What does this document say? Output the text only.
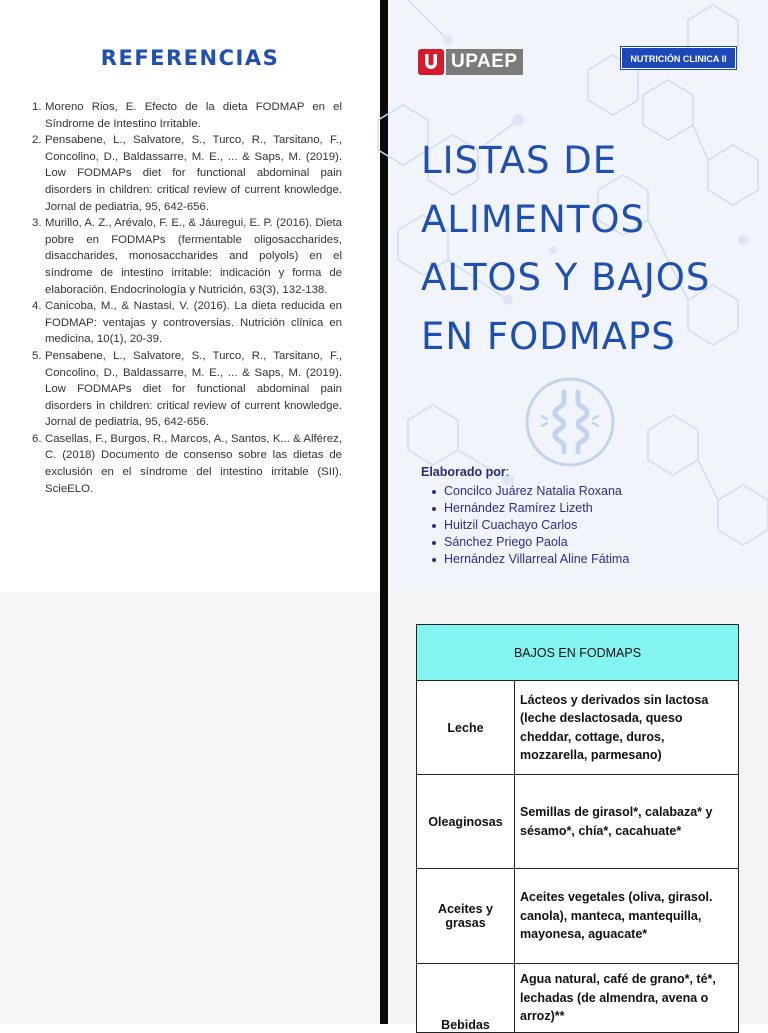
REFERENCIAS
1. Moreno Rios, E. Efecto de la dieta FODMAP en el Síndrome de Intestino Irritable.
2. Pensabene, L., Salvatore, S., Turco, R., Tarsitano, F., Concolino, D., Baldassarre, M. E., ... & Saps, M. (2019). Low FODMAPs diet for functional abdominal pain disorders in children: critical review of current knowledge. Jornal de pediatria, 95, 642-656.
3. Murillo, A. Z., Arévalo, F. E., & Jáuregui, E. P. (2016). Dieta pobre en FODMAPs (fermentable oligosaccharides, disaccharides, monosaccharides and polyols) en el síndrome de intestino irritable: indicación y forma de elaboración. Endocrinología y Nutrición, 63(3), 132-138.
4. Canicoba, M., & Nastasi, V. (2016). La dieta reducida en FODMAP: ventajas y controversias. Nutrición clínica en medicina, 10(1), 20-39.
5. Pensabene, L., Salvatore, S., Turco, R., Tarsitano, F., Concolino, D., Baldassarre, M. E., ... & Saps, M. (2019). Low FODMAPs diet for functional abdominal pain disorders in children: critical review of current knowledge. Jornal de pediatria, 95, 642-656.
6. Casellas, F., Burgos, R., Marcos, A., Santos, K... & Alférez, C. (2018) Documento de consenso sobre las dietas de exclusión en el síndrome del intestino irritable (SII). ScieELO.
UPAEP	NUTRICIÓN CLINICA II
LISTAS DE
ALIMENTOS
ALTOS Y BAJOS
EN FODMAPS
Elaborado por:
Concilco Juárez Natalia Roxana
Hernández Ramírez Lizeth
Huitzil Cuachayo Carlos
Sánchez Priego Paola
Hernández Villarreal Aline Fátima
BAJOS EN FODMAPS	
Leche	Lácteos y derivados sin lactosa (leche deslactosada, queso cheddar, cottage, duros, mozzarella, parmesano)
Oleaginosas	Semillas de girasol*, calabaza* y sésamo*, chía*, cacahuate*
Aceites y grasas	Aceites vegetales (oliva, girasol. canola), manteca, mantequilla, mayonesa, aguacate*
Bebidas	Agua natural, café de grano*, té*, lechadas (de almendra, avena o arroz)**
